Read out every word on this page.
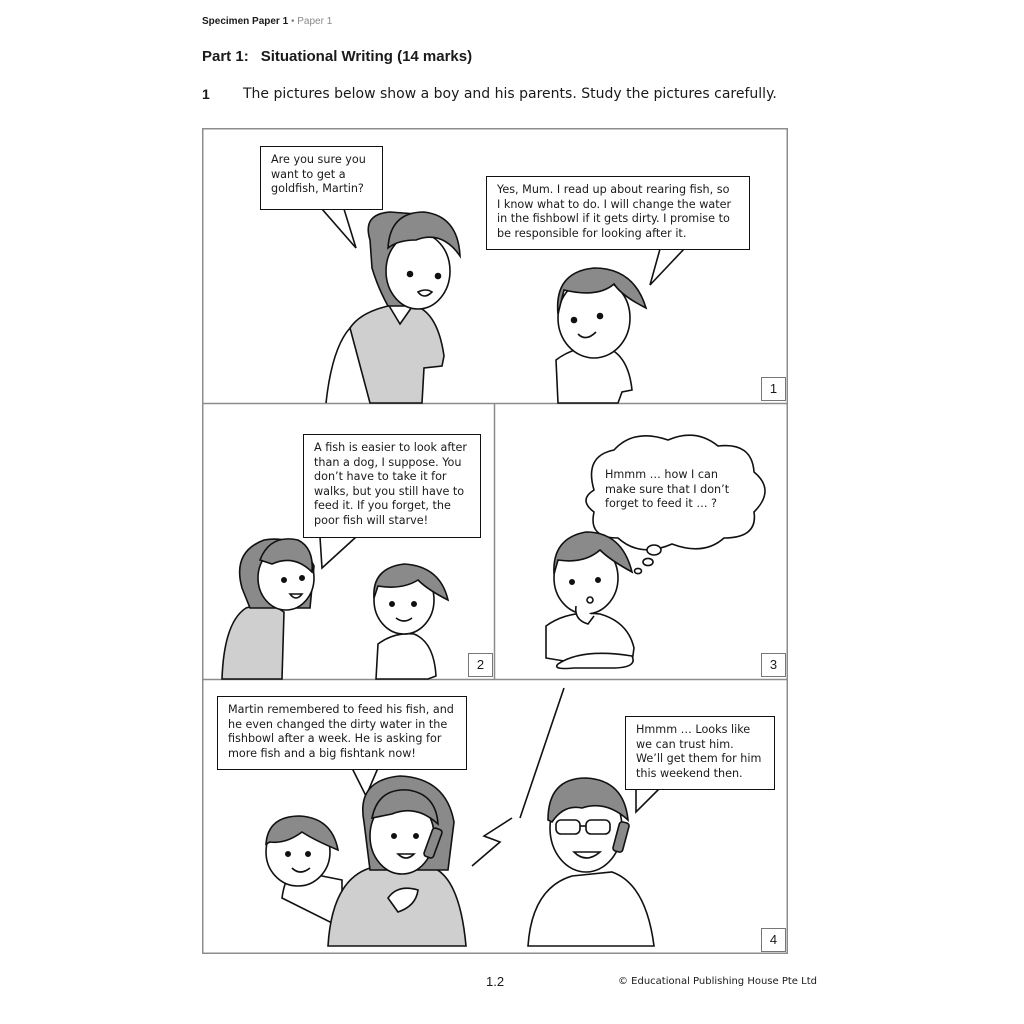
Specimen Paper 1 • Paper 1
Part 1: Situational Writing (14 marks)
1 The pictures below show a boy and his parents. Study the pictures carefully.
Are you sure you
want to get a
goldfish, Martin?	Yes, Mum. I read up about rearing fish, so
I know what to do. I will change the water
in the fishbowl if it gets dirty. I promise to
be responsible for looking after it.
A fish is easier to look after
than a dog, I suppose. You
don’t have to take it for
walks, but you still have to
feed it. If you forget, the
poor fish will starve!
Hmmm … how I can
make sure that I don’t
forget to feed it … ?
Martin remembered to feed his fish, and
he even changed the dirty water in the
fishbowl after a week. He is asking for
more fish and a big fishtank now!
Hmmm … Looks like
we can trust him.
We’ll get them for him
this weekend then.
1
2	3
4
1.2	© Educational Publishing House Pte Ltd
